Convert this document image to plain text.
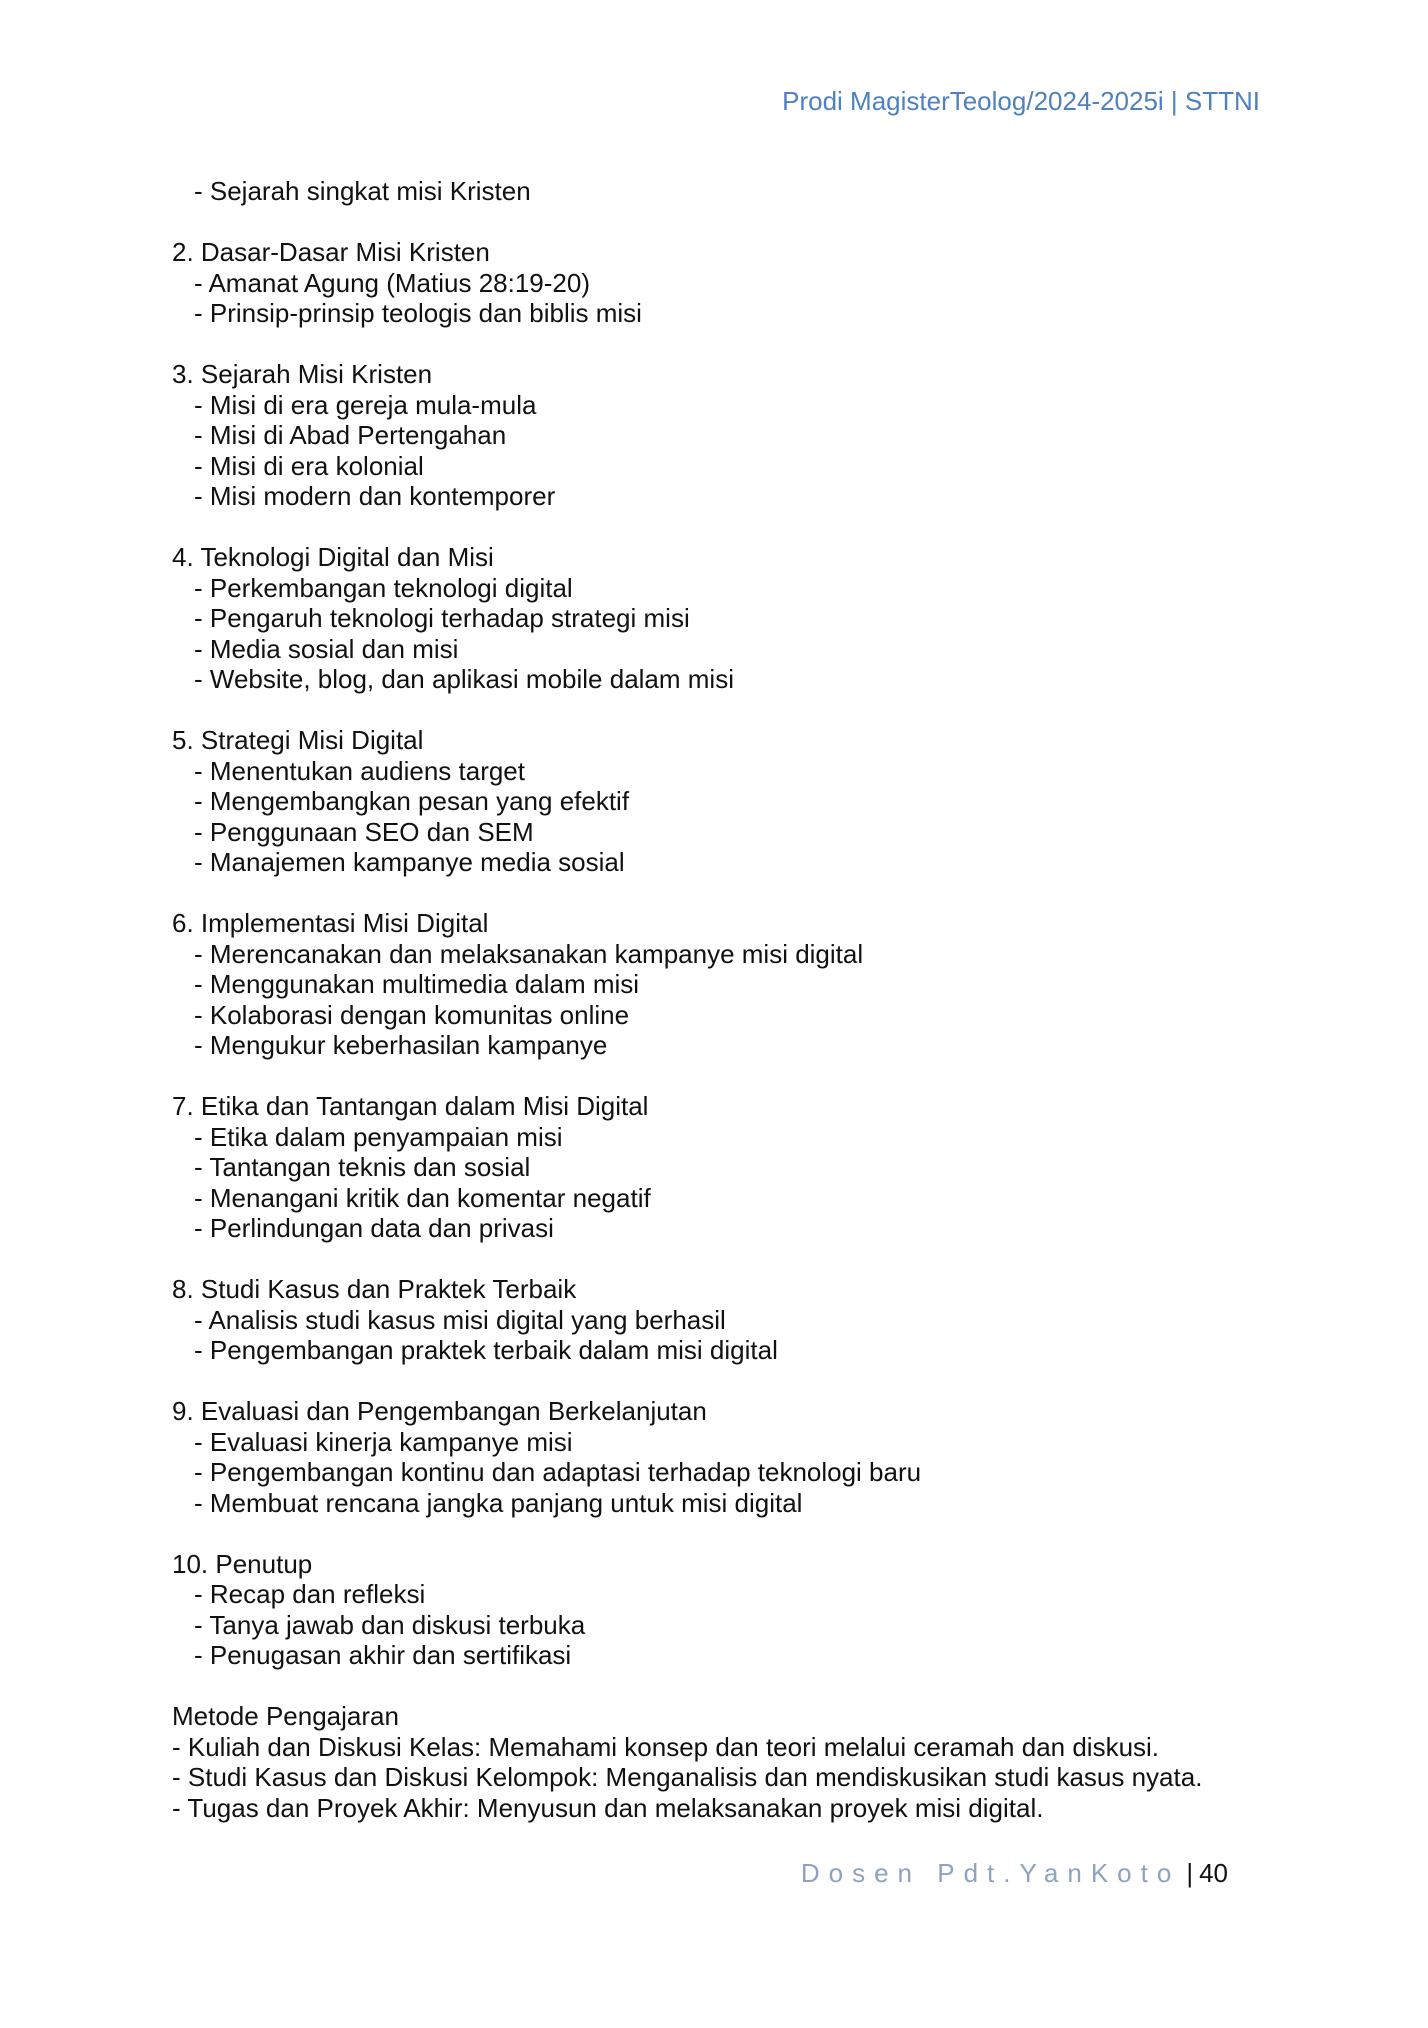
Prodi MagisterTeolog/2024-2025i | STTNI
- Sejarah singkat misi Kristen
2. Dasar-Dasar Misi Kristen
- Amanat Agung (Matius 28:19-20)
- Prinsip-prinsip teologis dan biblis misi
3. Sejarah Misi Kristen
- Misi di era gereja mula-mula
- Misi di Abad Pertengahan
- Misi di era kolonial
- Misi modern dan kontemporer
4. Teknologi Digital dan Misi
- Perkembangan teknologi digital
- Pengaruh teknologi terhadap strategi misi
- Media sosial dan misi
- Website, blog, dan aplikasi mobile dalam misi
5. Strategi Misi Digital
- Menentukan audiens target
- Mengembangkan pesan yang efektif
- Penggunaan SEO dan SEM
- Manajemen kampanye media sosial
6. Implementasi Misi Digital
- Merencanakan dan melaksanakan kampanye misi digital
- Menggunakan multimedia dalam misi
- Kolaborasi dengan komunitas online
- Mengukur keberhasilan kampanye
7. Etika dan Tantangan dalam Misi Digital
- Etika dalam penyampaian misi
- Tantangan teknis dan sosial
- Menangani kritik dan komentar negatif
- Perlindungan data dan privasi
8. Studi Kasus dan Praktek Terbaik
- Analisis studi kasus misi digital yang berhasil
- Pengembangan praktek terbaik dalam misi digital
9. Evaluasi dan Pengembangan Berkelanjutan
- Evaluasi kinerja kampanye misi
- Pengembangan kontinu dan adaptasi terhadap teknologi baru
- Membuat rencana jangka panjang untuk misi digital
10. Penutup
- Recap dan refleksi
- Tanya jawab dan diskusi terbuka
- Penugasan akhir dan sertifikasi
Metode Pengajaran
- Kuliah dan Diskusi Kelas: Memahami konsep dan teori melalui ceramah dan diskusi.
- Studi Kasus dan Diskusi Kelompok: Menganalisis dan mendiskusikan studi kasus nyata.
- Tugas dan Proyek Akhir: Menyusun dan melaksanakan proyek misi digital.
Dosen Pdt.YanKoto | 40
